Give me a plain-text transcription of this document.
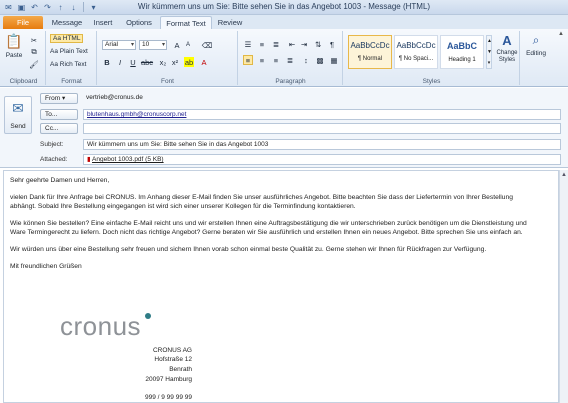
✉ ▣ ↶ ↷ ↑	↓	▾	Wir kümmern uns um Sie: Bitte sehen Sie in das Angebot 1003 - Message (HTML)
File	Message	Insert	Options	Format Text	Review
📋
Paste
✂
⧉
🖌
Clipboard
Aa HTML
Aa Plain Text
Aa Rich Text
Format
Arial ▾	10 ▾	A	A	⌫
B	I	U abc x₂ x² ab	A
Font
☰	≡	≣ ⇤ ⇥ ⇅	¶
≡	≡	≡	≣	↕	▩ ▦
Paragraph
AaBbCcDc
¶ Normal
AaBbCcDc
¶ No Spaci...
AaBbC
Heading 1
▲
▼
▾
A
Change Styles
Styles
⌕
Editing
▲
✉
Send
From ▾	vertrieb@cronus.de
To...	blutenhaus.gmbh@cronuscorp.net
Cc...
Subject:	Wir kümmern uns um Sie: Bitte sehen Sie in das Angebot 1003
Attached:	▮ Angebot 1003.pdf (5 KB)

Sehr geehrte Damen und Herren,

vielen Dank für Ihre Anfrage bei CRONUS. Im Anhang dieser E-Mail finden Sie unser ausführliches Angebot. Bitte beachten Sie dass der Liefertermin von Ihrer Bestellung abhängt. Sobald Ihre Bestellung eingegangen ist wird sich einer unserer Kollegen für die Terminfindung kontaktieren.

Wie können Sie bestellen? Eine einfache E-Mail reicht uns und wir erstellen Ihnen eine Auftragsbestätigung die wir unterschrieben zurück benötigen um die Dienstleistung und Ware Termingerecht zu liefern. Doch nicht das richtige Angebot? Gerne beraten wir Sie ausführlich und erstellen Ihnen ein neues Angebot. Bitte sprechen Sie uns einfach an.

Wir würden uns über eine Bestellung sehr freuen und sichern Ihnen vorab schon einmal beste Qualität zu. Gerne stehen wir Ihnen für Rückfragen zur Verfügung.

Mit freundlichen Grüßen

cronus
CRONUS AG
Hofstraße 12
Benrath
20097 Hamburg
999 / 9 99 99 99
▲
